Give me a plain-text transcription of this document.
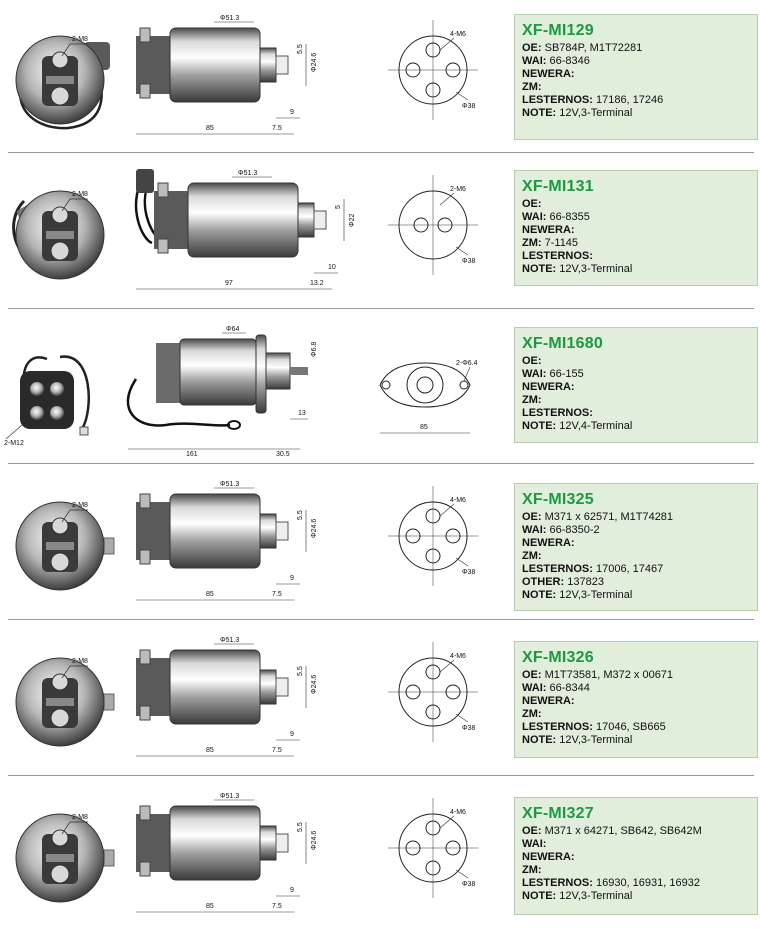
2-M8
Φ51.3
85	7.5
9
5.5
Φ24.6
4-M6
Φ38
XF-MI129
OE: SB784P, M1T72281
WAI: 66-8346
NEWERA:
ZM:
LESTERNOS: 17186, 17246
NOTE: 12V,3-Terminal
2-M8
Φ51.3
97	13.2
10
5
Φ22
2-M6
Φ38
XF-MI131
OE:
WAI: 66-8355
NEWERA:
ZM: 7-1145
LESTERNOS:
NOTE: 12V,3-Terminal
2-M12
Φ64
161	30.5
13
Φ6.8
2-Φ6.4
85
XF-MI1680
OE:
WAI: 66-155
NEWERA:
ZM:
LESTERNOS:
NOTE: 12V,4-Terminal
2-M8
Φ51.3
85	7.5
9
5.5
Φ24.6
4-M6
Φ38
XF-MI325
OE: M371 x 62571, M1T74281
WAI: 66-8350-2
NEWERA:
ZM:
LESTERNOS: 17006, 17467
OTHER: 137823
NOTE: 12V,3-Terminal
2-M8
Φ51.3
85	7.5
9
5.5
Φ24.6
4-M6
Φ38
XF-MI326
OE: M1T73581, M372 x 00671
WAI: 66-8344
NEWERA:
ZM:
LESTERNOS: 17046, SB665
NOTE: 12V,3-Terminal
2-M8
Φ51.3
85	7.5
9
5.5
Φ24.6
4-M6
Φ38
XF-MI327
OE: M371 x 64271, SB642, SB642M
WAI:
NEWERA:
ZM:
LESTERNOS: 16930, 16931, 16932
NOTE: 12V,3-Terminal
